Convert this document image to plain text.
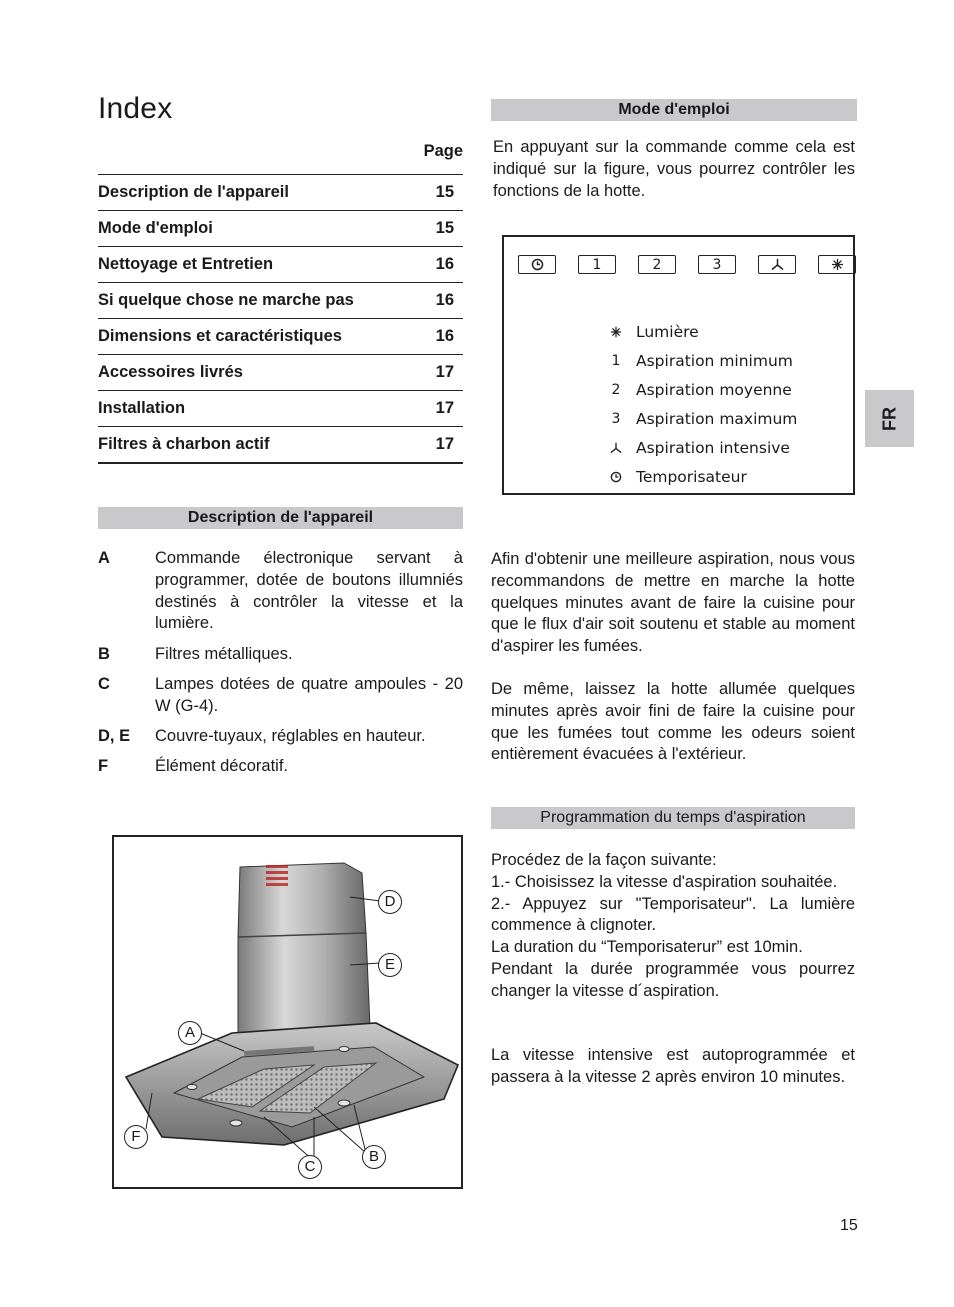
Index
Page
Description de l'appareil	15
Mode d'emploi	15
Nettoyage et Entretien	16
Si quelque chose ne marche pas	16
Dimensions et caractéristiques	16
Accessoires livrés	17
Installation	17
Filtres à charbon actif	17
Description de l'appareil
A	Commande électronique servant à programmer, dotée de boutons illumniés destinés à contrôler la vitesse et la lumière.
B	Filtres métalliques.
C	Lampes dotées de quatre ampoules - 20 W (G-4).
D, E	Couvre-tuyaux, réglables en hauteur.
F	Élément décoratif.
D
E
A
F
C
B
Mode d'emploi

En appuyant sur la commande comme cela est indiqué sur la figure, vous pourrez contrôler les fonctions de la hotte.

1	2	3
Lumière
1	Aspiration minimum
2	Aspiration moyenne
3	Aspiration maximum
Aspiration intensive
Temporisateur
FR

Afin d'obtenir une meilleure aspiration, nous vous recommandons de mettre en marche la hotte quelques minutes avant de faire la cuisine pour que le flux d'air soit soutenu et stable au moment d'aspirer les fumées.

De même, laissez la hotte allumée quelques minutes après avoir fini de faire la cuisine pour que les fumées tout comme les odeurs soient entièrement évacuées à l'extérieur.

Programmation du temps d'aspiration

Procédez de la façon suivante:

1.- Choisissez la vitesse d'aspiration souhaitée.

2.- Appuyez sur "Temporisateur". La lumière commence à clignoter.

La duration du “Temporisaterur” est 10min.

Pendant la durée programmée vous pourrez changer la vitesse d´aspiration.

La vitesse intensive est autoprogrammée et passera à la vitesse 2 après environ 10 minutes.

15
